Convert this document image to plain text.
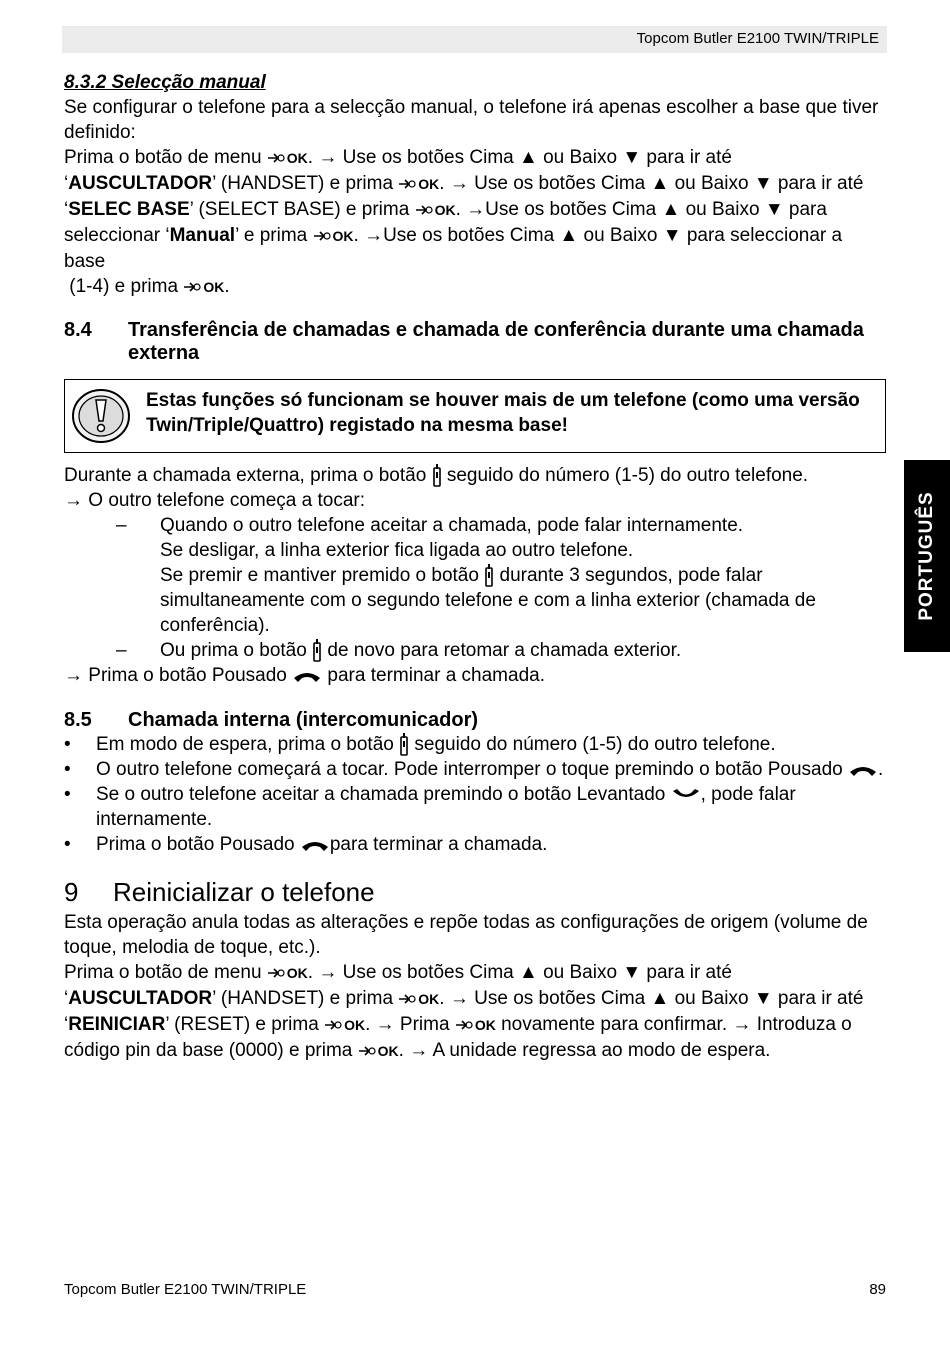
Topcom Butler E2100 TWIN/TRIPLE

8.3.2 Selecção manual

Se configurar o telefone para a selecção manual, o telefone irá apenas escolher a base que tiver definido:

Prima o botão de menu OK. → Use os botões Cima ▲ ou Baixo ▼ para ir até ‘AUSCULTADOR’ (HANDSET) e prima OK. → Use os botões Cima ▲ ou Baixo ▼ para ir até ‘SELEC BASE’ (SELECT BASE) e prima OK. →Use os botões Cima ▲ ou Baixo ▼ para seleccionar ‘Manual’ e prima OK. →Use os botões Cima ▲ ou Baixo ▼ para seleccionar a base
(1-4) e prima OK.

8.4 Transferência de chamadas e chamada de conferência durante uma chamada externa
Estas funções só funcionam se houver mais de um telefone (como uma versão Twin/Triple/Quattro) registado na mesma base!

Durante a chamada externa, prima o botão seguido do número (1-5) do outro telefone.

→ O outro telefone começa a tocar:

– Quando o outro telefone aceitar a chamada, pode falar internamente.
Se desligar, a linha exterior fica ligada ao outro telefone.
Se premir e mantiver premido o botão durante 3 segundos, pode falar simultaneamente com o segundo telefone e com a linha exterior (chamada de conferência).
– Ou prima o botão de novo para retomar a chamada exterior.

→ Prima o botão Pousado para terminar a chamada.

8.5 Chamada interna (intercomunicador)
• Em modo de espera, prima o botão seguido do número (1-5) do outro telefone.
• O outro telefone começará a tocar. Pode interromper o toque premindo o botão Pousado .
• Se o outro telefone aceitar a chamada premindo o botão Levantado , pode falar internamente.
• Prima o botão Pousado para terminar a chamada.
9 Reinicializar o telefone

Esta operação anula todas as alterações e repõe todas as configurações de origem (volume de toque, melodia de toque, etc.).

Prima o botão de menu OK. → Use os botões Cima ▲ ou Baixo ▼ para ir até ‘AUSCULTADOR’ (HANDSET) e prima OK. → Use os botões Cima ▲ ou Baixo ▼ para ir até ‘REINICIAR’ (RESET) e prima OK. → Prima OK novamente para confirmar. → Introduza o código pin da base (0000) e prima OK. → A unidade regressa ao modo de espera.

PORTUGUÊS
Topcom Butler E2100 TWIN/TRIPLE	89
